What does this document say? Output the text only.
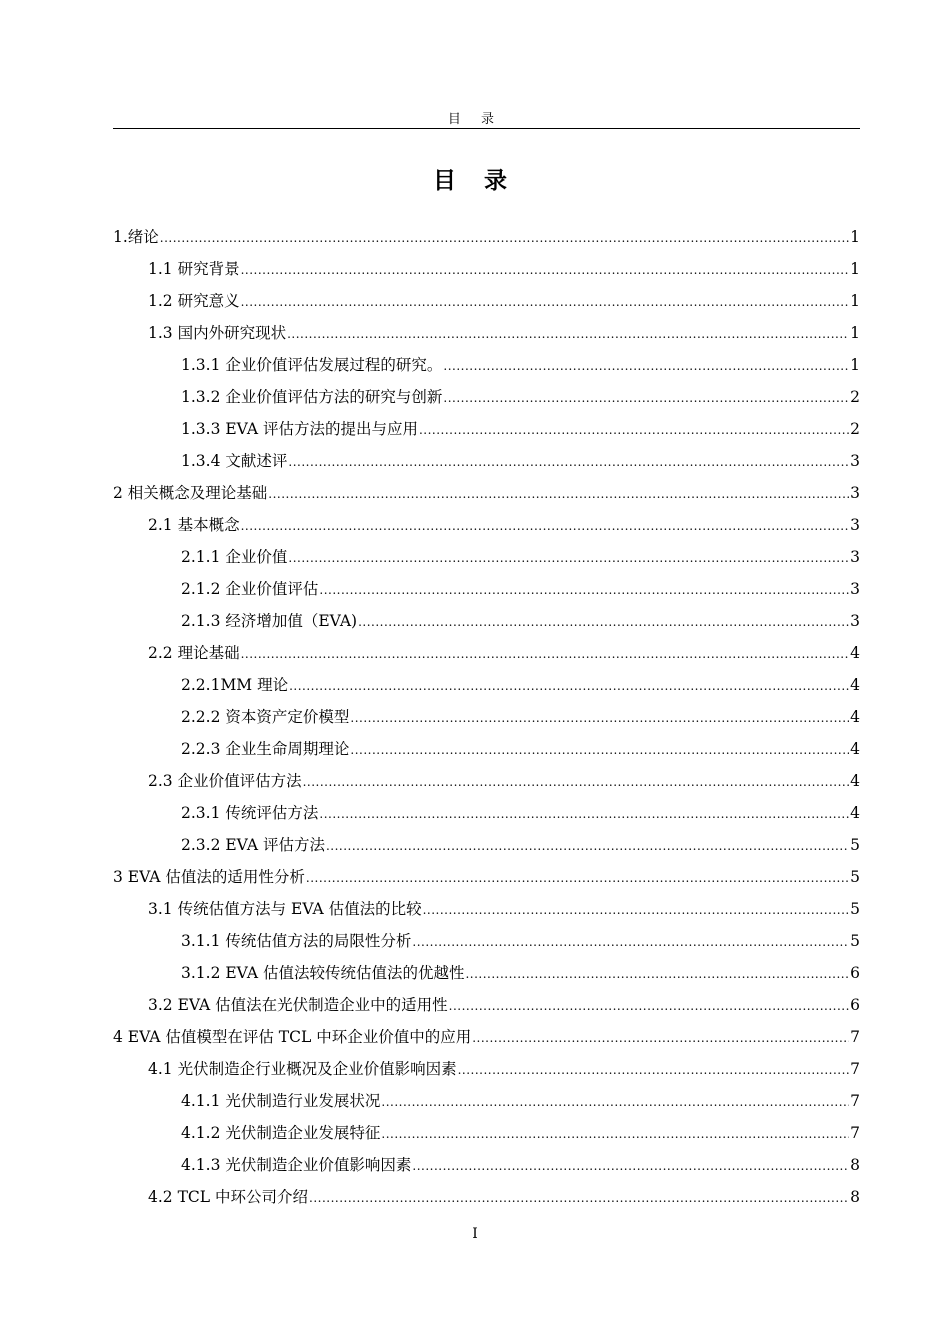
目 录
目 录
1.绪论 .....	1
1.1 研究背景 .....	1
1.2 研究意义 .....	1
1.3 国内外研究现状 .....	1
1.3.1 企业价值评估发展过程的研究。 .....	1
1.3.2 企业价值评估方法的研究与创新 .....	2
1.3.3 EVA 评估方法的提出与应用 .....	2
1.3.4 文献述评 .....	3
2 相关概念及理论基础 .....	3
2.1 基本概念 .....	3
2.1.1 企业价值 .....	3
2.1.2 企业价值评估 .....	3
2.1.3 经济增加值（EVA) .....	3
2.2 理论基础 .....	4
2.2.1MM 理论 .....	4
2.2.2 资本资产定价模型 .....	4
2.2.3 企业生命周期理论 .....	4
2.3 企业价值评估方法 .....	4
2.3.1 传统评估方法 .....	4
2.3.2 EVA 评估方法 .....	5
3 EVA 估值法的适用性分析 .....	5
3.1 传统估值方法与 EVA 估值法的比较 .....	5
3.1.1 传统估值方法的局限性分析 .....	5
3.1.2 EVA 估值法较传统估值法的优越性 .....	6
3.2 EVA 估值法在光伏制造企业中的适用性 .....	6
4 EVA 估值模型在评估 TCL 中环企业价值中的应用 .....	7
4.1 光伏制造企行业概况及企业价值影响因素 .....	7
4.1.1 光伏制造行业发展状况 .....	7
4.1.2 光伏制造企业发展特征 .....	7
4.1.3 光伏制造企业价值影响因素 .....	8
4.2 TCL 中环公司介绍 .....	8
I
